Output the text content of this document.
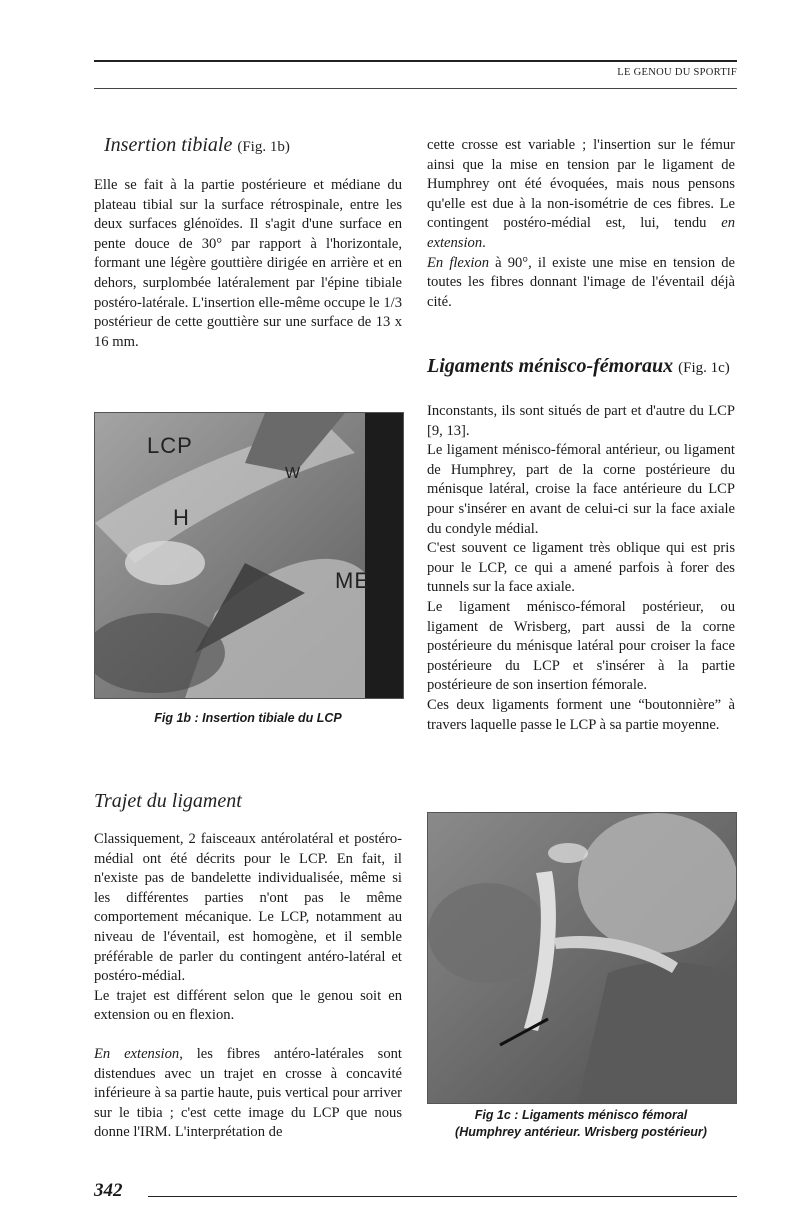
LE GENOU DU SPORTIF
Insertion tibiale (Fig. 1b)

Elle se fait à la partie postérieure et médiane du plateau tibial sur la surface rétrospinale, entre les deux surfaces glénoïdes. Il s'agit d'une surface en pente douce de 30° par rapport à l'horizontale, formant une légère gouttière dirigée en arrière et en dehors, surplombée latéralement par l'épine tibiale postéro-latérale. L'insertion elle-même occupe le 1/3 postérieur de cette gouttière sur une surface de 13 x 16 mm.

LCP
W
H
ME
Fig 1b : Insertion tibiale du LCP
Trajet du ligament

Classiquement, 2 faisceaux antérolatéral et postéro-médial ont été décrits pour le LCP. En fait, il n'existe pas de bandelette individualisée, même si les différentes parties n'ont pas le même comportement mécanique. Le LCP, notamment au niveau de l'éventail, est homogène, et il semble préférable de parler du contingent antéro-latéral et postéro-médial.

Le trajet est différent selon que le genou soit en extension ou en flexion.

En extension, les fibres antéro-latérales sont distendues avec un trajet en crosse à concavité inférieure à sa partie haute, puis vertical pour arriver sur le tibia ; c'est cette image du LCP que nous donne l'IRM. L'interprétation de

cette crosse est variable ; l'insertion sur le fémur ainsi que la mise en tension par le ligament de Humphrey ont été évoquées, mais nous pensons qu'elle est due à la non-isométrie de ces fibres. Le contingent postéro-médial est, lui, tendu en extension.

En flexion à 90°, il existe une mise en tension de toutes les fibres donnant l'image de l'éventail déjà cité.

Ligaments ménisco-fémoraux (Fig. 1c)

Inconstants, ils sont situés de part et d'autre du LCP [9, 13].

Le ligament ménisco-fémoral antérieur, ou ligament de Humphrey, part de la corne postérieure du ménisque latéral, croise la face antérieure du LCP pour s'insérer en avant de celui-ci sur la face axiale du condyle médial.

C'est souvent ce ligament très oblique qui est pris pour le LCP, ce qui a amené parfois à forer des tunnels sur la face axiale.

Le ligament ménisco-fémoral postérieur, ou ligament de Wrisberg, part aussi de la corne postérieure du ménisque latéral pour croiser la face postérieure du LCP et s'insérer à la partie postérieure de son insertion fémorale.

Ces deux ligaments forment une “boutonnière” à travers laquelle passe le LCP à sa partie moyenne.

Fig 1c : Ligaments ménisco fémoral
(Humphrey antérieur. Wrisberg postérieur)
342
